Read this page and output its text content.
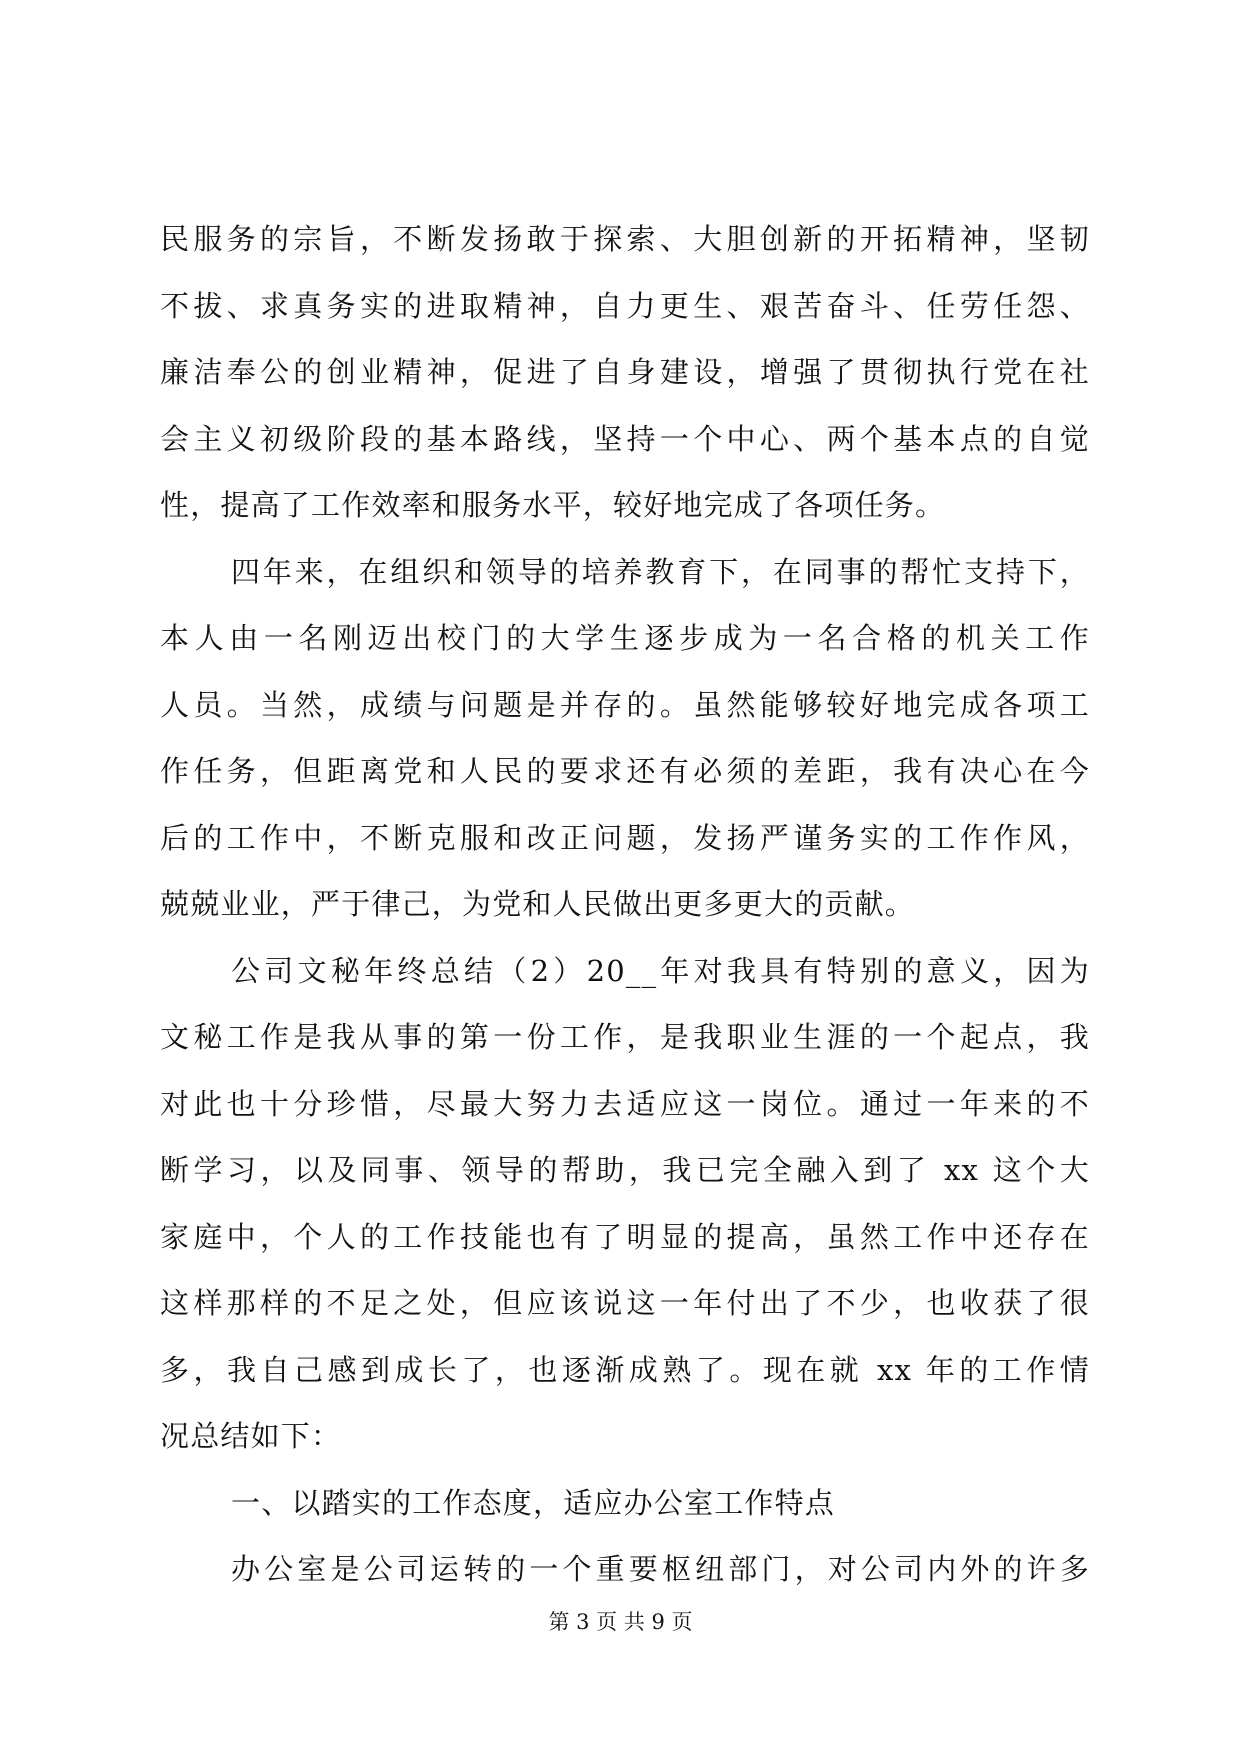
民服务的宗旨，不断发扬敢于探索、大胆创新的开拓精神，坚韧
不拔、求真务实的进取精神，自力更生、艰苦奋斗、任劳任怨、
廉洁奉公的创业精神，促进了自身建设，增强了贯彻执行党在社
会主义初级阶段的基本路线，坚持一个中心、两个基本点的自觉
性，提高了工作效率和服务水平，较好地完成了各项任务。
四年来，在组织和领导的培养教育下，在同事的帮忙支持下，
本人由一名刚迈出校门的大学生逐步成为一名合格的机关工作
人员。当然，成绩与问题是并存的。虽然能够较好地完成各项工
作任务，但距离党和人民的要求还有必须的差距，我有决心在今
后的工作中，不断克服和改正问题，发扬严谨务实的工作作风，
兢兢业业，严于律己，为党和人民做出更多更大的贡献。
公司文秘年终总结（2）20__年对我具有特别的意义，因为
文秘工作是我从事的第一份工作，是我职业生涯的一个起点，我
对此也十分珍惜，尽最大努力去适应这一岗位。通过一年来的不
断学习，以及同事、领导的帮助，我已完全融入到了 xx 这个大
家庭中，个人的工作技能也有了明显的提高，虽然工作中还存在
这样那样的不足之处，但应该说这一年付出了不少，也收获了很
多，我自己感到成长了，也逐渐成熟了。现在就 xx 年的工作情
况总结如下：
一、以踏实的工作态度，适应办公室工作特点
办公室是公司运转的一个重要枢纽部门，对公司内外的许多
第 3 页 共 9 页
